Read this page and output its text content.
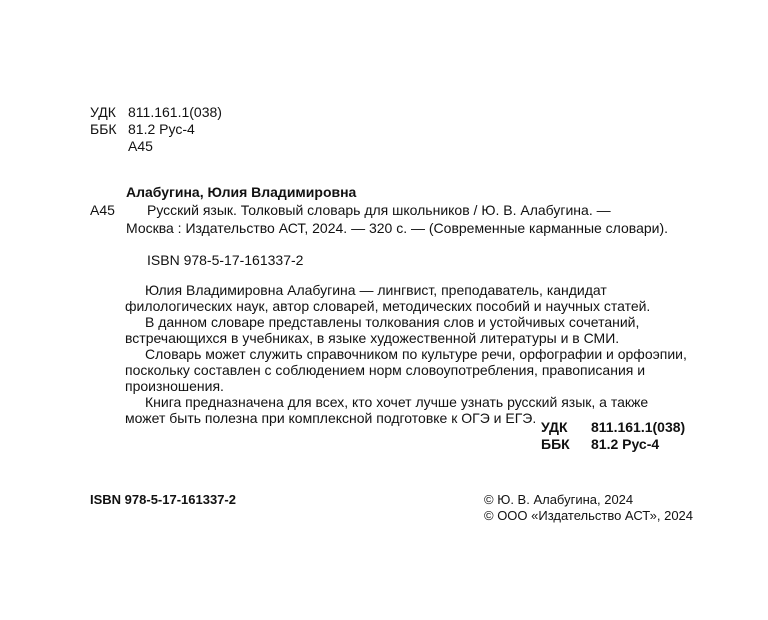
УДК 811.161.1(038)
ББК 81.2 Рус-4
А45
Алабугина, Юлия Владимировна
А45 Русский язык. Толковый словарь для школьников / Ю. В. Алабугина. —
Москва : Издательство АСТ, 2024. — 320 с. — (Современные карманные словари).
ISBN 978-5-17-161337-2

Юлия Владимировна Алабугина — лингвист, преподаватель, кандидат филологических наук, автор словарей, методических пособий и научных статей.

В данном словаре представлены толкования слов и устойчивых сочетаний, встречающихся в учебниках, в языке художественной литературы и в СМИ.

Словарь может служить справочником по культуре речи, орфографии и орфоэпии, поскольку составлен с соблюдением норм словоупотребления, правописания и произношения.

Книга предназначена для всех, кто хочет лучше узнать русский язык, а также может быть полезна при комплексной подготовке к ОГЭ и ЕГЭ.

УДК	811.161.1(038)
ББК	81.2 Рус-4
ISBN 978-5-17-161337-2	© Ю. В. Алабугина, 2024
© ООО «Издательство АСТ», 2024
